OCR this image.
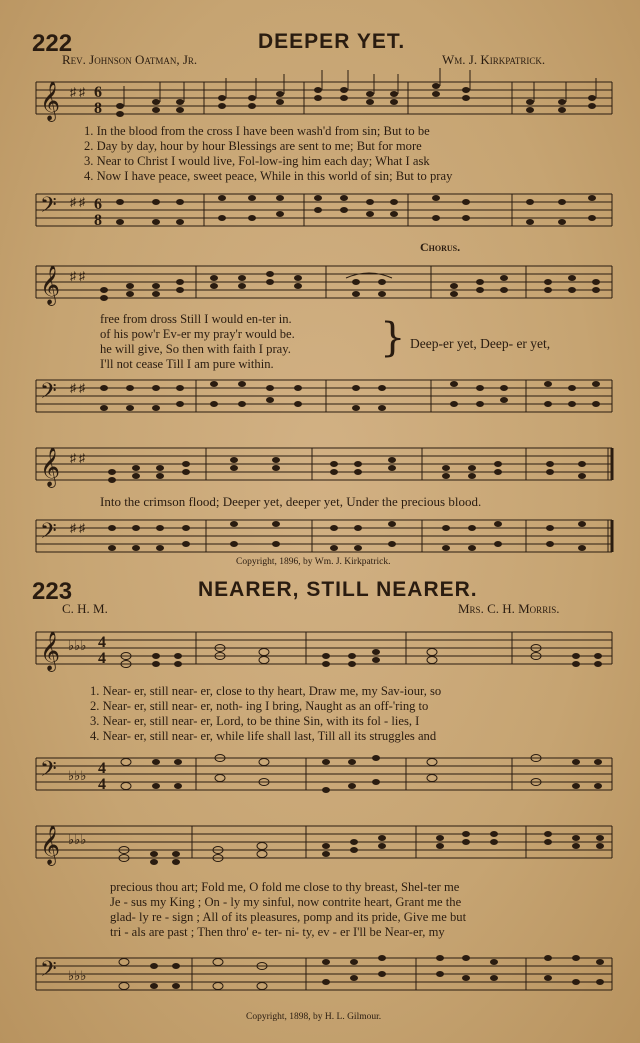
222	DEEPER YET.
Rev. Johnson Oatman, Jr.	Wm. J. Kirkpatrick.
𝄞 ♯ ♯ 6
8
1. In the blood from the cross I have been wash'd from sin; But to be
2. Day by day, hour by hour Blessings are sent to me; But for more
3. Near to Christ I would live, Fol-low-ing him each day; What I ask
4. Now I have peace, sweet peace, While in this world of sin; But to pray
𝄢 ♯ ♯ 6
8
Chorus.
𝄞 ♯ ♯
free from dross Still I would en-ter in.
of his pow'r Ev-er my pray'r would be.
he will give, So then with faith I pray.
I'll not cease Till I am pure within.
} Deep-er yet, Deep- er yet,
𝄢 ♯ ♯
𝄞 ♯ ♯
Into the crimson flood; Deeper yet, deeper yet, Under the precious blood.
𝄢 ♯ ♯
Copyright, 1896, by Wm. J. Kirkpatrick.
223	NEARER, STILL NEARER.
C. H. M.	Mrs. C. H. Morris.
𝄞 ♭♭♭ 4
4
1. Near- er, still near- er, close to thy heart, Draw me, my Sav-iour, so
2. Near- er, still near- er, noth- ing I bring, Naught as an off-'ring to
3. Near- er, still near- er, Lord, to be thine Sin, with its fol - lies, I
4. Near- er, still near- er, while life shall last, Till all its struggles and
𝄢 ♭♭♭ 4
4
𝄞 ♭♭♭
precious thou art; Fold me, O fold me close to thy breast, Shel-ter me
Je - sus my King ; On - ly my sinful, now contrite heart, Grant me the
glad- ly re - sign ; All of its pleasures, pomp and its pride, Give me but
tri - als are past ; Then thro' e- ter- ni- ty, ev - er I'll be Near-er, my
𝄢 ♭♭♭
Copyright, 1898, by H. L. Gilmour.
